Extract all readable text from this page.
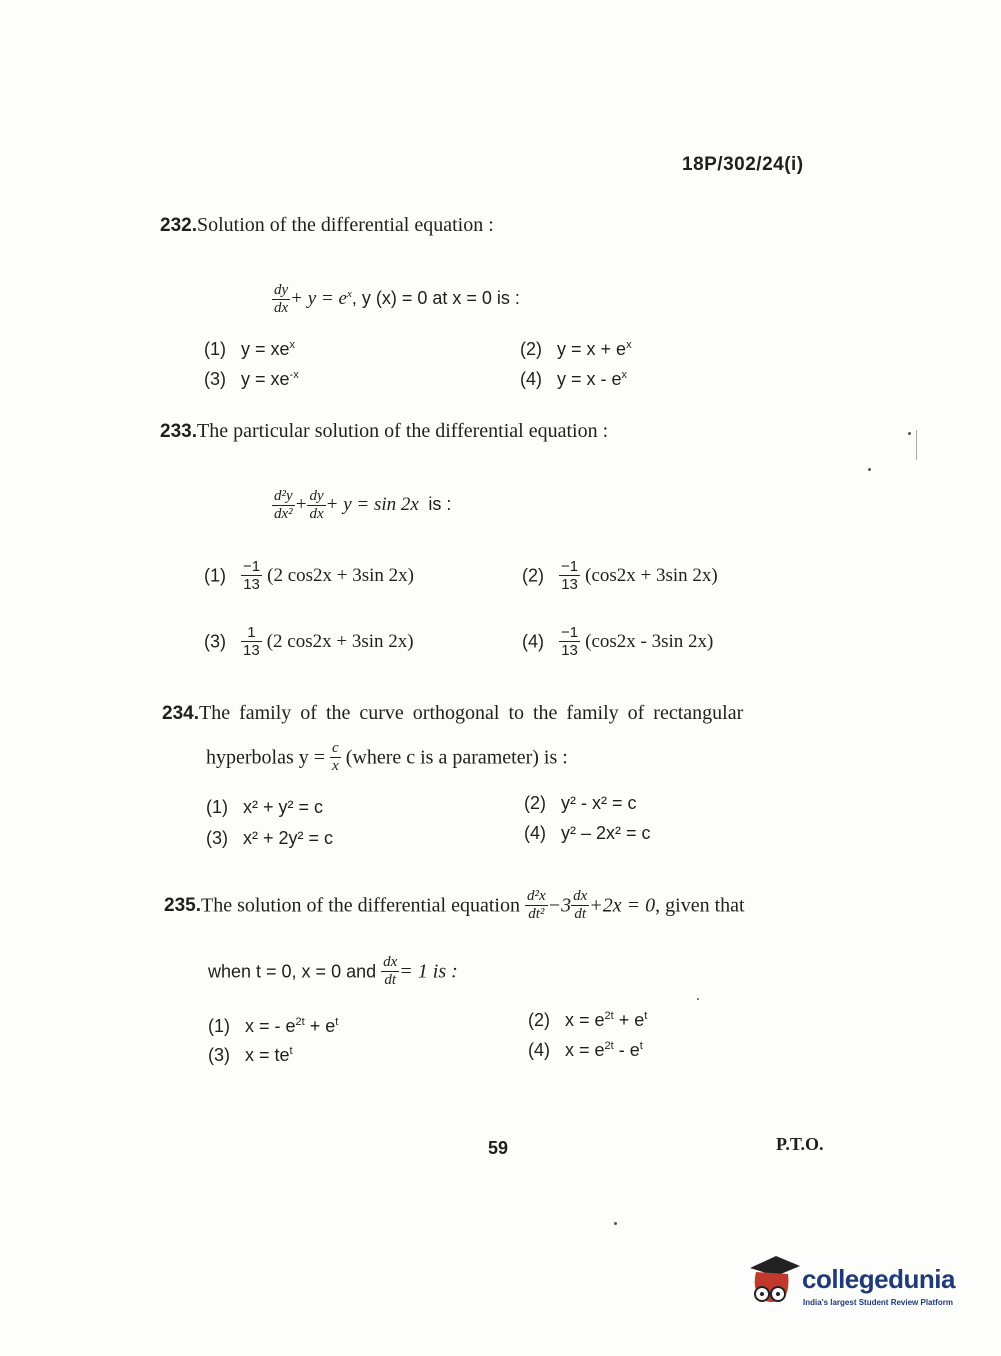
18P/302/24(i)
232.Solution of the differential equation :
$\frac{dy}{dx} + y = e^x$, y (x) = 0 at x = 0 is :
(1) $y = xe^x$	(2) $y = x + e^x$
(3) $y = xe^{-x}$	(4) $y = x - e^x$
233.The particular solution of the differential equation :
$\frac{\text{d²y}}{\text{dx²}} + \frac{dy}{dx} + y = \sin 2x$ is :
$(1) \frac{-1}{13} (2$ cos2x + 3sin 2x)	$(2) \frac{-1}{13} (\cos 2x + 3\sin$ 2x)
$(3) \frac{1}{13} (2$ cos2x + 3sin 2x)	$(4) \frac{-1}{13} (\cos 2x - 3\sin$ 2x)
234.The family of the curve orthogonal to the family of rectangular
hyperbolas $y = \frac{c}{x}$ (where c is a parameter) is :
(1) x² + y² = c	(2) y² - x² = c
(3) x² + 2y² = c	(4) y² – 2x² = c
235.The solution of the differential equation $\frac{\text{d²x}}{\text{dt²}} -3 \frac{dx}{dt} +2x = 0$, given that
when t = 0, x = 0 and $\frac{dx}{dt} = 1$ is :
(1) x = - $e^{2t} + e^t$	(2) $x = e^{2t} + e^t$
(3) $x = te^t$	(4) $x = e^{2t} - e^t$
59	P.T.O.
collegedunia
India's largest Student Review Platform
